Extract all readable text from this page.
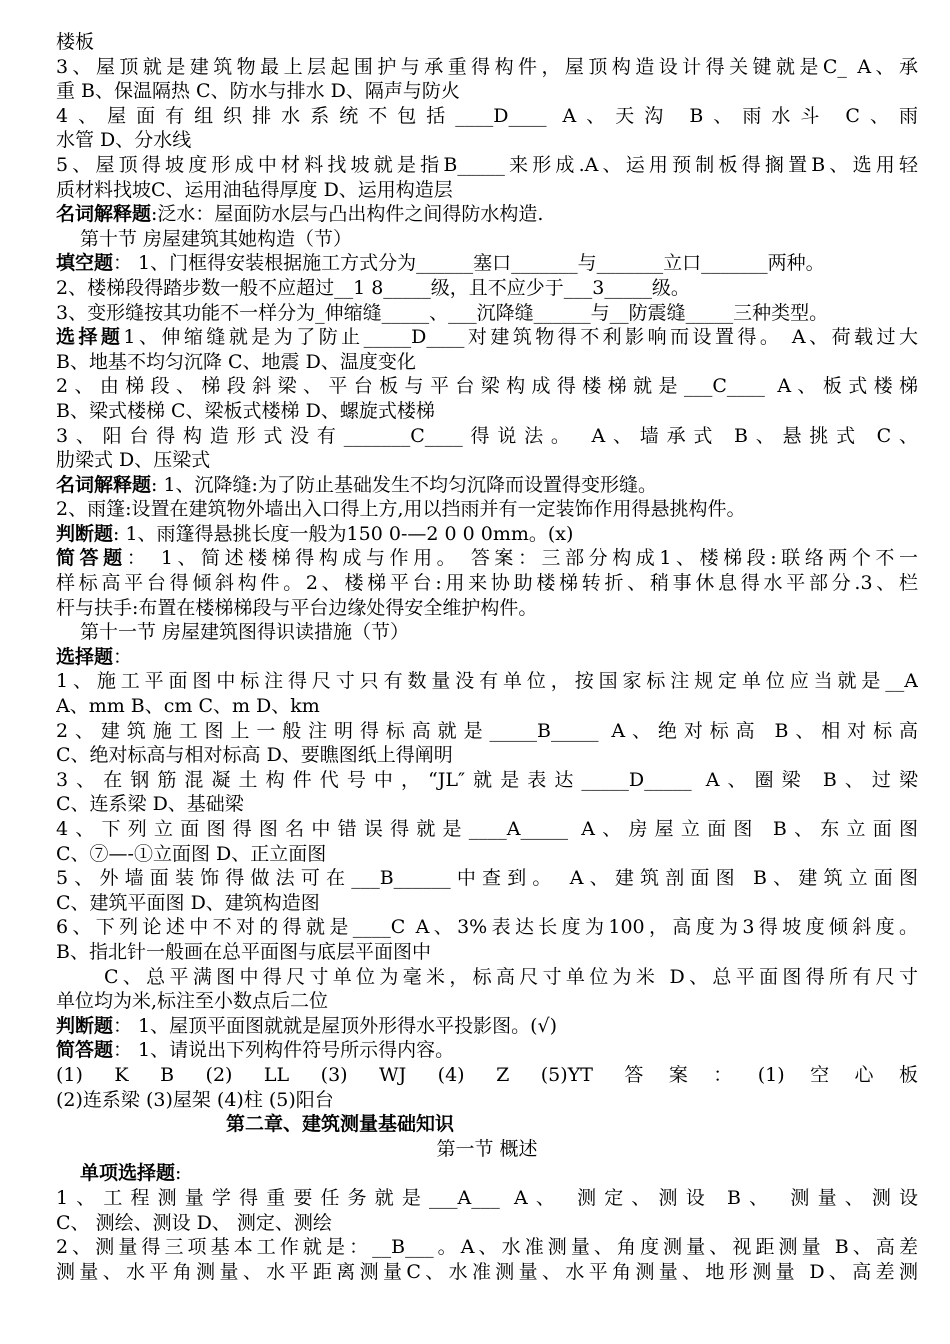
楼板
3、屋顶就是建筑物最上层起围护与承重得构件，屋顶构造设计得关键就是C_ A、承
重 B、保温隔热 C、防水与排水 D、隔声与防火
4、屋面有组织排水系统不包括____D____ A、天沟 B、雨水斗 C、雨
水管 D、分水线
5、屋顶得坡度形成中材料找坡就是指B_____来形成.A、运用预制板得搁置B、选用轻
质材料找坡C、运用油毡得厚度 D、运用构造层
名词解释题:泛水：屋面防水层与凸出构件之间得防水构造.
第十节 房屋建筑其她构造（节）
填空题： 1、门框得安装根据施工方式分为______塞口_______与_______立口_______两种。
2、楼梯段得踏步数一般不应超过__1 8_____级，且不应少于___3_____级。
3、变形缝按其功能不一样分为_伸缩缝_____、___沉降缝______与__防震缝_____三种类型。
选择题1、伸缩缝就是为了防止_____D____对建筑物得不利影响而设置得。 A、荷载过大
B、地基不均匀沉降 C、地震 D、温度变化
2、由梯段、梯段斜梁、平台板与平台梁构成得楼梯就是___C____ A、板式楼梯
B、梁式楼梯 C、梁板式楼梯 D、螺旋式楼梯
3、阳台得构造形式没有_______C____得说法。 A、墙承式 B、悬挑式 C、
肋梁式 D、压梁式
名词解释题: 1、沉降缝:为了防止基础发生不均匀沉降而设置得变形缝。
2、雨篷:设置在建筑物外墙出入口得上方,用以挡雨并有一定装饰作用得悬挑构件。
判断题: 1、雨篷得悬挑长度一般为150 0-—2 0 0 0mm。(x)
简答题： 1、简述楼梯得构成与作用。 答案：三部分构成1、楼梯段:联络两个不一
样标高平台得倾斜构件。2、楼梯平台:用来协助楼梯转折、稍事休息得水平部分.3、栏
杆与扶手:布置在楼梯梯段与平台边缘处得安全维护构件。
第十一节 房屋建筑图得识读措施（节）
选择题：
1、施工平面图中标注得尺寸只有数量没有单位，按国家标注规定单位应当就是__A
A、mm B、cm C、m D、km
2、建筑施工图上一般注明得标高就是_____B_____ A、绝对标高 B、相对标高
C、绝对标高与相对标高 D、要瞧图纸上得阐明
3、在钢筋混凝土构件代号中，“JL″就是表达_____D_____ A、圈梁 B、过梁
C、连系梁 D、基础梁
4、下列立面图得图名中错误得就是____A_____ A、房屋立面图 B、东立面图
C、⑦—-①立面图 D、正立面图
5、外墙面装饰得做法可在___B______中查到。 A、建筑剖面图 B、建筑立面图
C、建筑平面图 D、建筑构造图
6、下列论述中不对的得就是____C A、3%表达长度为100，高度为3得坡度倾斜度。
B、指北针一般画在总平面图与底层平面图中
C、总平满图中得尺寸单位为毫米，标高尺寸单位为米 D、总平面图得所有尺寸
单位均为米,标注至小数点后二位
判断题： 1、屋顶平面图就就是屋顶外形得水平投影图。(√)
简答题： 1、请说出下列构件符号所示得内容。
(1) K B (2) LL (3) WJ (4) Z (5)YT 答案：(1)空心板
(2)连系梁 (3)屋架 (4)柱 (5)阳台
第二章、建筑测量基础知识
第一节 概述
单项选择题:
1、工程测量学得重要任务就是___A___ A、 测定、测设 B、 测量、测设
C、 测绘、测设 D、 测定、测绘
2、测量得三项基本工作就是：__B___。A、水准测量、角度测量、视距测量 B、高差
测量、水平角测量、水平距离测量C、水准测量、水平角测量、地形测量 D、高差测
